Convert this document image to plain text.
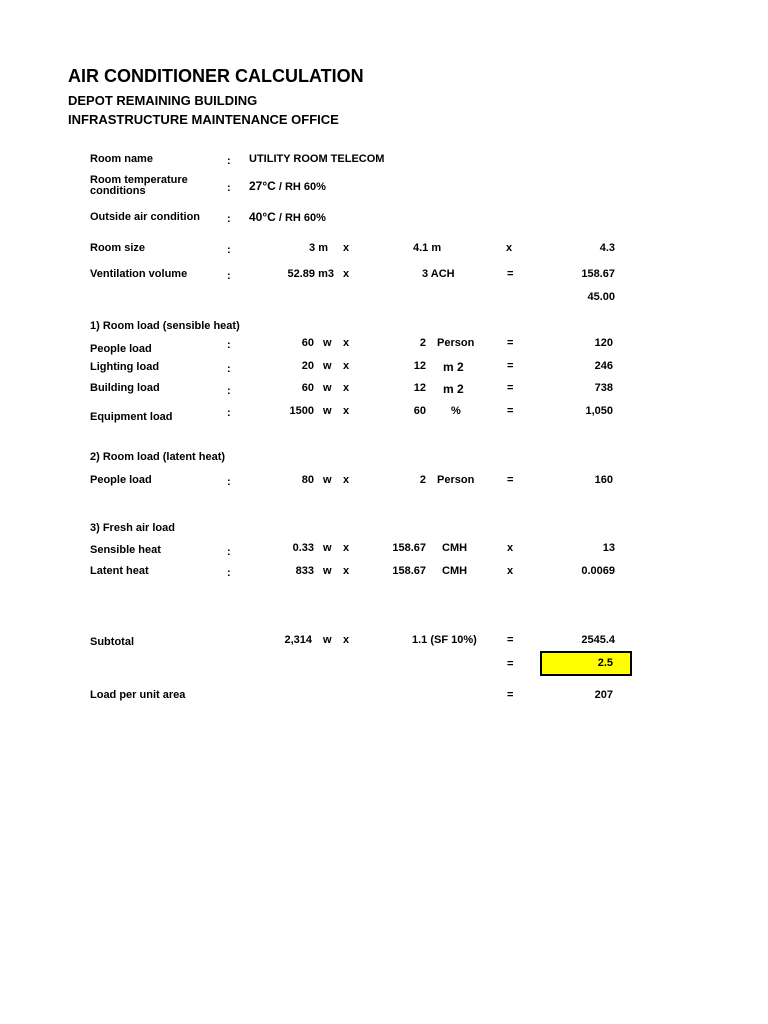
AIR CONDITIONER CALCULATION
DEPOT REMAINING BUILDING
INFRASTRUCTURE MAINTENANCE OFFICE
Room name	: UTILITY ROOM TELECOM
Room temperature
conditions	: 27°C / RH 60%
Outside air condition : 40°C / RH 60%
Room size	:	3 m x	4.1 m	x	4.3
Ventilation volume	:	52.89 m3 x	3 ACH	=	158.67
45.00
1) Room load (sensible heat)
People load	:	60 w x	2 Person	=	120
Lighting load	:	20 w x	12 m 2	=	246
Building load	:	60 w x	12 m 2	=	738
Equipment load	:	1500 w x	60 %	=	1,050
2) Room load (latent heat)
People load	:	80 w x	2 Person	=	160
3) Fresh air load
Sensible heat	:	0.33 w x	158.67 CMH	x	13
Latent heat	:	833 w x	158.67 CMH	x	0.0069
Subtotal	2,314 w x	1.1 (SF 10%)	=	2545.4
=	2.5
Load per unit area	=	207
